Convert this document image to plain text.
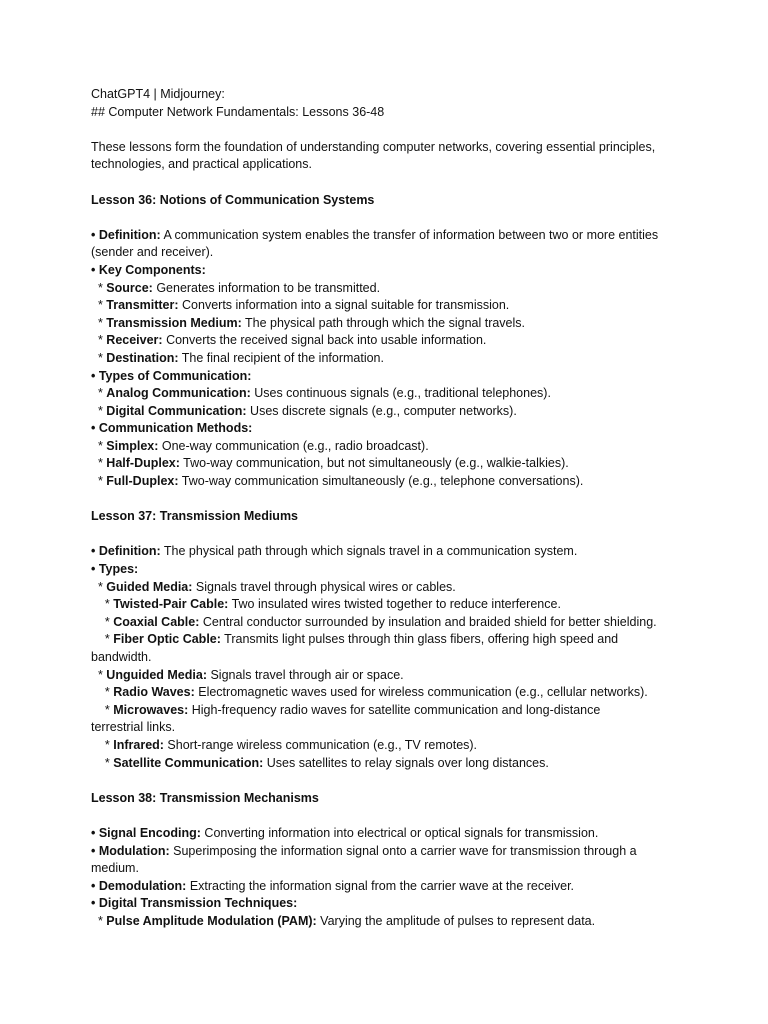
ChatGPT4 | Midjourney:
## Computer Network Fundamentals: Lessons 36-48
These lessons form the foundation of understanding computer networks, covering essential principles, technologies, and practical applications.
Lesson 36: Notions of Communication Systems
• Definition: A communication system enables the transfer of information between two or more entities (sender and receiver).
• Key Components:
* Source: Generates information to be transmitted.
* Transmitter: Converts information into a signal suitable for transmission.
* Transmission Medium: The physical path through which the signal travels.
* Receiver: Converts the received signal back into usable information.
* Destination: The final recipient of the information.
• Types of Communication:
* Analog Communication: Uses continuous signals (e.g., traditional telephones).
* Digital Communication: Uses discrete signals (e.g., computer networks).
• Communication Methods:
* Simplex: One-way communication (e.g., radio broadcast).
* Half-Duplex: Two-way communication, but not simultaneously (e.g., walkie-talkies).
* Full-Duplex: Two-way communication simultaneously (e.g., telephone conversations).
Lesson 37: Transmission Mediums
• Definition: The physical path through which signals travel in a communication system.
• Types:
* Guided Media: Signals travel through physical wires or cables.
* Twisted-Pair Cable: Two insulated wires twisted together to reduce interference.
* Coaxial Cable: Central conductor surrounded by insulation and braided shield for better shielding.
* Fiber Optic Cable: Transmits light pulses through thin glass fibers, offering high speed and
bandwidth.
* Unguided Media: Signals travel through air or space.
* Radio Waves: Electromagnetic waves used for wireless communication (e.g., cellular networks).
* Microwaves: High-frequency radio waves for satellite communication and long-distance
terrestrial links.
* Infrared: Short-range wireless communication (e.g., TV remotes).
* Satellite Communication: Uses satellites to relay signals over long distances.
Lesson 38: Transmission Mechanisms
• Signal Encoding: Converting information into electrical or optical signals for transmission.
• Modulation: Superimposing the information signal onto a carrier wave for transmission through a
medium.
• Demodulation: Extracting the information signal from the carrier wave at the receiver.
• Digital Transmission Techniques:
* Pulse Amplitude Modulation (PAM): Varying the amplitude of pulses to represent data.
